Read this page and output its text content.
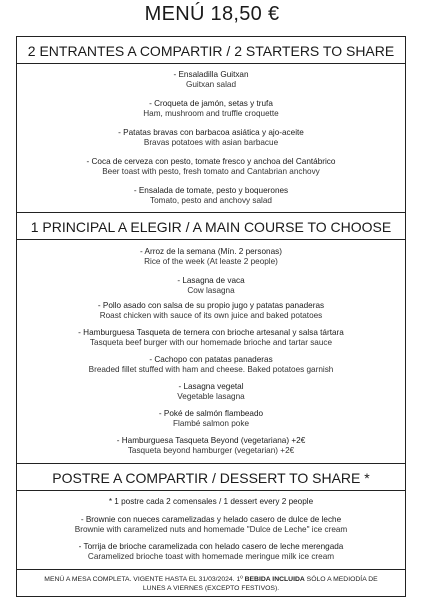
MENÚ 18,50 €
2 ENTRANTES A COMPARTIR / 2 STARTERS TO SHARE
- Ensaladilla Guitxan
Guitxan salad
- Croqueta de jamón, setas y trufa
Ham, mushroom and truffle croquette
- Patatas bravas con barbacoa asiática y ajo-aceite
Bravas potatoes with asian barbacue
- Coca de cerveza con pesto, tomate fresco y anchoa del Cantábrico
Beer toast with pesto, fresh tomato and Cantabrian anchovy
- Ensalada de tomate, pesto y boquerones
Tomato, pesto and anchovy salad
1 PRINCIPAL A ELEGIR / A MAIN COURSE TO CHOOSE
- Arroz de la semana (Mín. 2 personas)
Rice of the week (At leaste 2 people)
- Lasagna de vaca
Cow lasagna
- Pollo asado con salsa de su propio jugo y patatas panaderas
Roast chicken with sauce of its own juice and baked potatoes
- Hamburguesa Tasqueta de ternera con brioche artesanal y salsa tártara
Tasqueta beef burger with our homemade brioche and tartar sauce
- Cachopo con patatas panaderas
Breaded fillet stuffed with ham and cheese. Baked potatoes garnish
- Lasagna vegetal
Vegetable lasagna
- Poké de salmón flambeado
Flambé salmon poke
- Hamburguesa Tasqueta Beyond (vegetariana) +2€
Tasqueta beyond hamburger (vegetarian) +2€
POSTRE A COMPARTIR / DESSERT TO SHARE *
* 1 postre cada 2 comensales / 1 dessert every 2 people
- Brownie con nueces caramelizadas y helado casero de dulce de leche
Brownie with caramelized nuts and homemade "Dulce de Leche" ice cream
- Torrija de brioche caramelizada con helado casero de leche merengada
Caramelized brioche toast with homemade meringue milk ice cream
MENÚ A MESA COMPLETA. VIGENTE HASTA EL 31/03/2024. 1º BEBIDA INCLUIDA SÓLO A MEDIODÍA DE
LUNES A VIERNES (EXCEPTO FESTIVOS).
